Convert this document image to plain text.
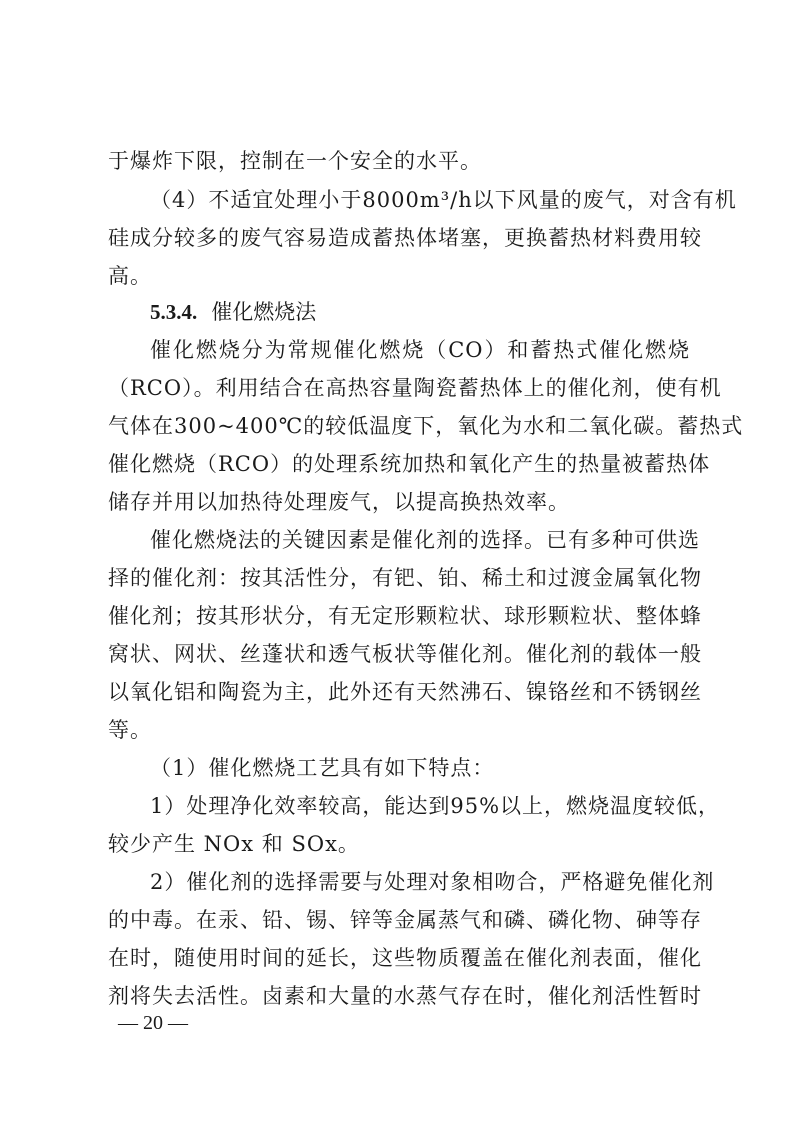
于爆炸下限，控制在一个安全的水平。
（4）不适宜处理小于8000m³/h以下风量的废气，对含有机
硅成分较多的废气容易造成蓄热体堵塞，更换蓄热材料费用较
高。
5.3.4. 催化燃烧法
催化燃烧分为常规催化燃烧（CO）和蓄热式催化燃烧
（RCO）。利用结合在高热容量陶瓷蓄热体上的催化剂，使有机
气体在300~400℃的较低温度下，氧化为水和二氧化碳。蓄热式
催化燃烧（RCO）的处理系统加热和氧化产生的热量被蓄热体
储存并用以加热待处理废气，以提高换热效率。
催化燃烧法的关键因素是催化剂的选择。已有多种可供选
择的催化剂：按其活性分，有钯、铂、稀土和过渡金属氧化物
催化剂；按其形状分，有无定形颗粒状、球形颗粒状、整体蜂
窝状、网状、丝蓬状和透气板状等催化剂。催化剂的载体一般
以氧化铝和陶瓷为主，此外还有天然沸石、镍铬丝和不锈钢丝
等。
（1）催化燃烧工艺具有如下特点：
1）处理净化效率较高，能达到95%以上，燃烧温度较低，
较少产生 NOx 和 SOx。
2）催化剂的选择需要与处理对象相吻合，严格避免催化剂
的中毒。在汞、铅、锡、锌等金属蒸气和磷、磷化物、砷等存
在时，随使用时间的延长，这些物质覆盖在催化剂表面，催化
剂将失去活性。卤素和大量的水蒸气存在时，催化剂活性暂时
— 20 —
